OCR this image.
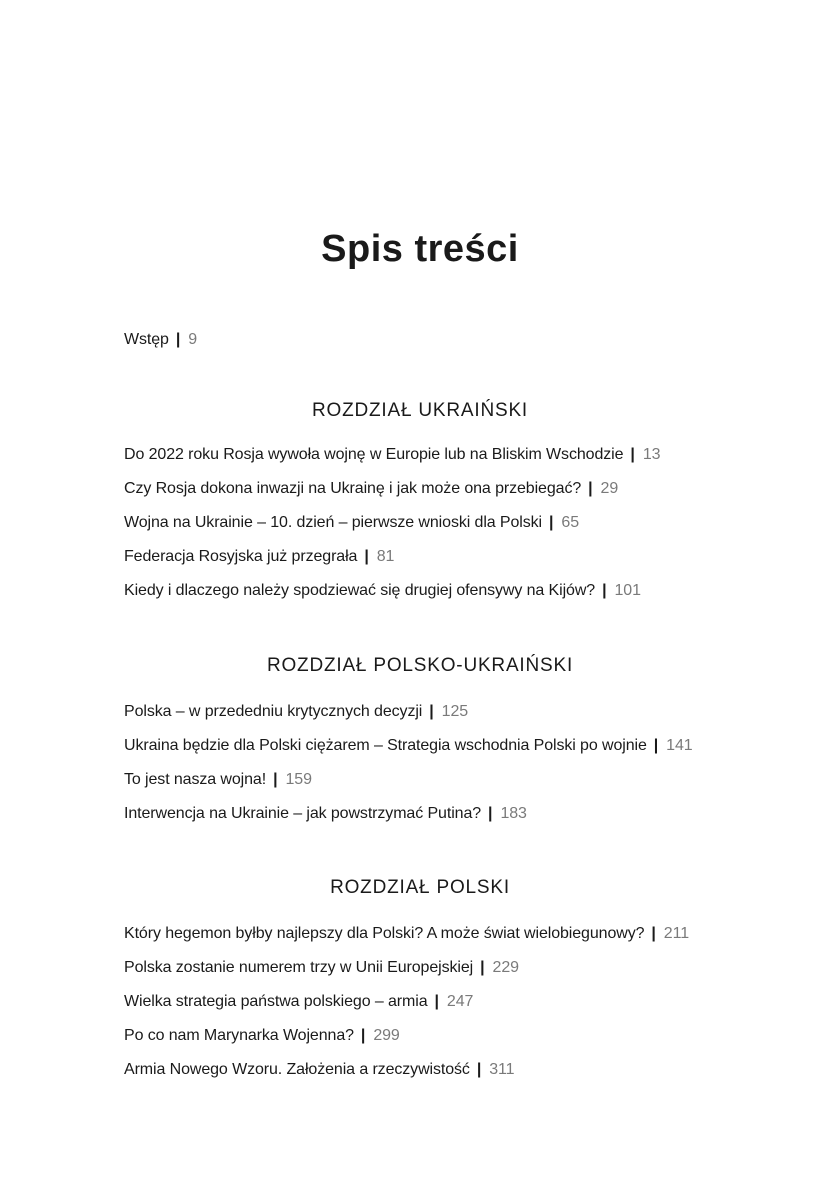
Spis treści
Wstęp | 9
ROZDZIAŁ UKRAIŃSKI
Do 2022 roku Rosja wywoła wojnę w Europie lub na Bliskim Wschodzie | 13
Czy Rosja dokona inwazji na Ukrainę i jak może ona przebiegać? | 29
Wojna na Ukrainie – 10. dzień – pierwsze wnioski dla Polski | 65
Federacja Rosyjska już przegrała | 81
Kiedy i dlaczego należy spodziewać się drugiej ofensywy na Kijów? | 101
ROZDZIAŁ POLSKO-UKRAIŃSKI
Polska – w przededniu krytycznych decyzji | 125
Ukraina będzie dla Polski ciężarem – Strategia wschodnia Polski po wojnie | 141
To jest nasza wojna! | 159
Interwencja na Ukrainie – jak powstrzymać Putina? | 183
ROZDZIAŁ POLSKI
Który hegemon byłby najlepszy dla Polski? A może świat wielobiegunowy? | 211
Polska zostanie numerem trzy w Unii Europejskiej | 229
Wielka strategia państwa polskiego – armia | 247
Po co nam Marynarka Wojenna? | 299
Armia Nowego Wzoru. Założenia a rzeczywistość | 311
